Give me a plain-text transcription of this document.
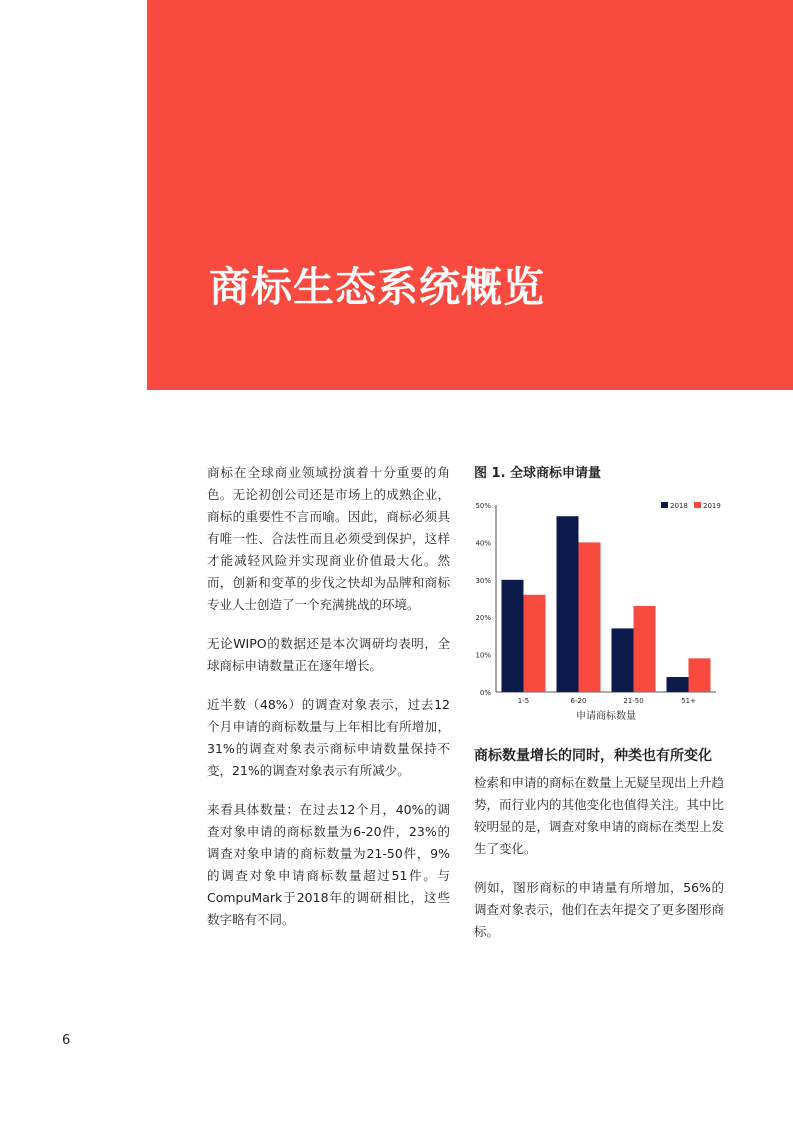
商标生态系统概览

商标在全球商业领域扮演着十分重要的角色。无论初创公司还是市场上的成熟企业，商标的重要性不言而喻。因此，商标必须具有唯一性、合法性而且必须受到保护，这样才能减轻风险并实现商业价值最大化。然而，创新和变革的步伐之快却为品牌和商标专业人士创造了一个充满挑战的环境。

无论WIPO的数据还是本次调研均表明，全球商标申请数量正在逐年增长。

近半数（48%）的调查对象表示，过去12个月申请的商标数量与上年相比有所增加，31%的调查对象表示商标申请数量保持不变，21%的调查对象表示有所减少。

来看具体数量：在过去12个月，40%的调查对象申请的商标数量为6-20件，23%的调查对象申请的商标数量为21-50件，9%的调查对象申请商标数量超过51件。与CompuMark于2018年的调研相比，这些数字略有不同。

图 1. 全球商标申请量

0%
10%
20%
30%
40%
50%
1-5	6-20	21-50	51+
申请商标数量
2018 2019
商标数量增长的同时，种类也有所变化

检索和申请的商标在数量上无疑呈现出上升趋势，而行业内的其他变化也值得关注。其中比较明显的是，调查对象申请的商标在类型上发生了变化。

例如，图形商标的申请量有所增加，56%的调查对象表示，他们在去年提交了更多图形商标。

6
